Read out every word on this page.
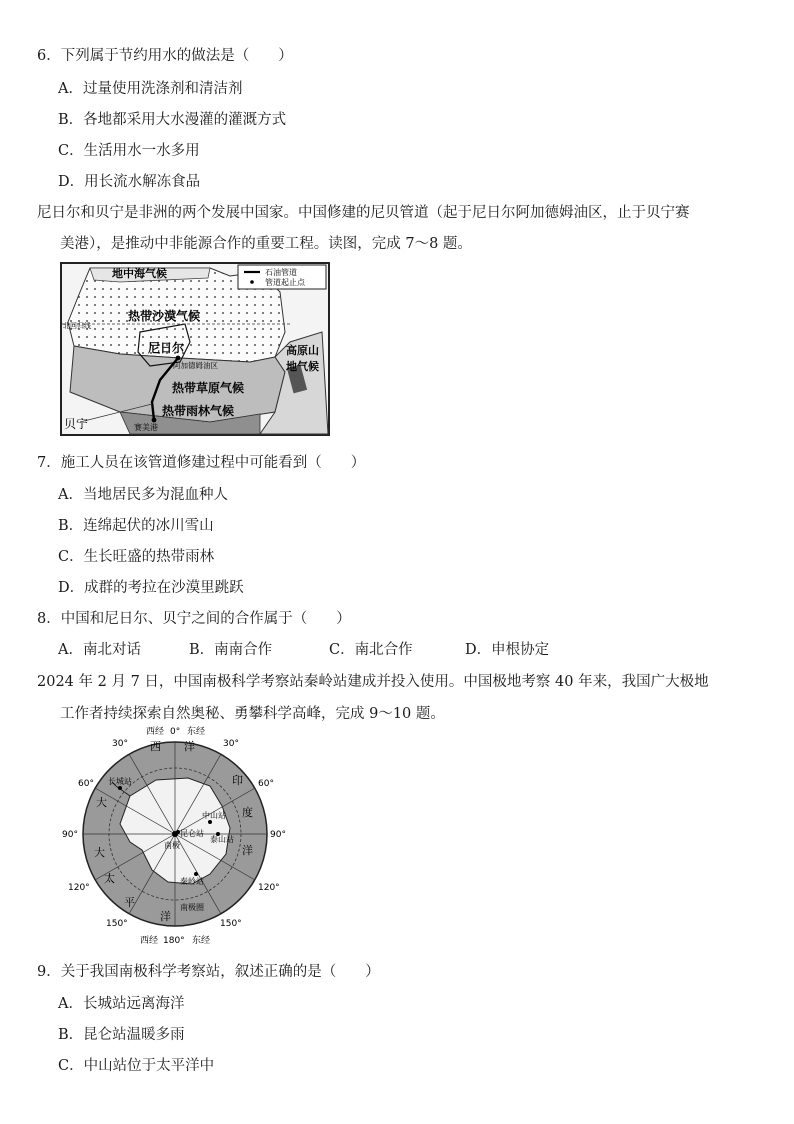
6．下列属于节约用水的做法是（　　）
A．过量使用洗涤剂和清洁剂
B．各地都采用大水漫灌的灌溉方式
C．生活用水一水多用
D．用长流水解冻食品
尼日尔和贝宁是非洲的两个发展中国家。中国修建的尼贝管道（起于尼日尔阿加德姆油区，止于贝宁赛
美港），是推动中非能源合作的重要工程。读图，完成 7～8 题。
石油管道
管道起止点
地中海气候
热带沙漠气候
北回归线
尼日尔
阿加德姆油区
高原山
地气候
热带草原气候
热带雨林气候
贝宁	赛美港
7．施工人员在该管道修建过程中可能看到（　　）
A．当地居民多为混血种人
B．连绵起伏的冰川雪山
C．生长旺盛的热带雨林
D．成群的考拉在沙漠里跳跃
8．中国和尼日尔、贝宁之间的合作属于（　　）
A．南北对话	B．南南合作	C．南北合作	D．申根协定
2024 年 2 月 7 日，中国南极科学考察站秦岭站建成并投入使用。中国极地考察 40 年来，我国广大极地
工作者持续探索自然奥秘、勇攀科学高峰，完成 9～10 题。
西经 0° 东经
西经 180° 东经
30°	30°
60°	60°
90°	90°
120°	120°
150°	150°
西 洋
印
度
洋
大
大
太
平
洋
长城站
中山站
泰山站
昆仑站
南极
秦岭站
南极圈
9．关于我国南极科学考察站，叙述正确的是（　　）
A．长城站远离海洋
B．昆仑站温暖多雨
C．中山站位于太平洋中
